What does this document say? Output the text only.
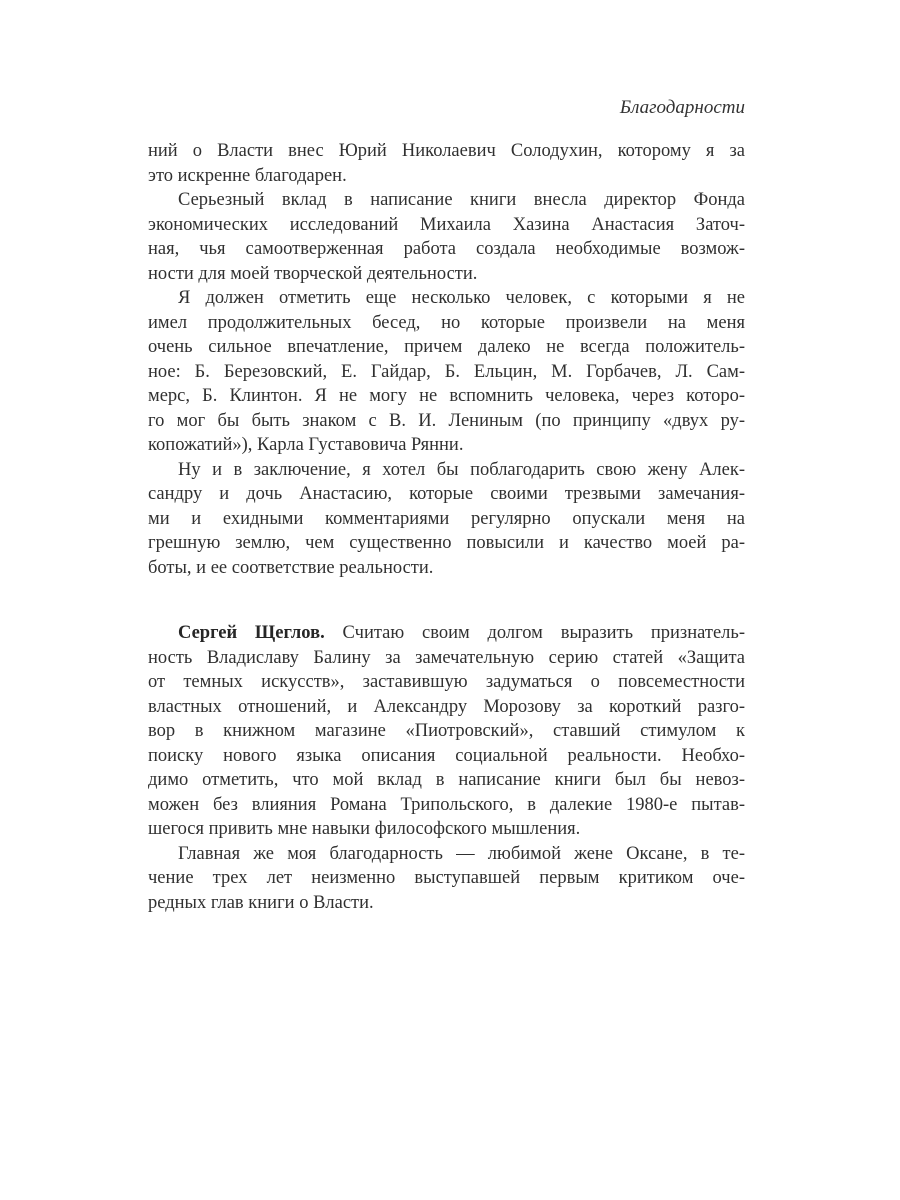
Благодарности
ний о Власти внес Юрий Николаевич Солодухин, которому я за
это искренне благодарен.
Серьезный вклад в написание книги внесла директор Фонда
экономических исследований Михаила Хазина Анастасия Заточ-
ная, чья самоотверженная работа создала необходимые возмож-
ности для моей творческой деятельности.
Я должен отметить еще несколько человек, с которыми я не
имел продолжительных бесед, но которые произвели на меня
очень сильное впечатление, причем далеко не всегда положитель-
ное: Б. Березовский, Е. Гайдар, Б. Ельцин, М. Горбачев, Л. Сам-
мерс, Б. Клинтон. Я не могу не вспомнить человека, через которо-
го мог бы быть знаком с В. И. Лениным (по принципу «двух ру-
копожатий»), Карла Густавовича Рянни.
Ну и в заключение, я хотел бы поблагодарить свою жену Алек-
сандру и дочь Анастасию, которые своими трезвыми замечания-
ми и ехидными комментариями регулярно опускали меня на
грешную землю, чем существенно повысили и качество моей ра-
боты, и ее соответствие реальности.
Сергей Щеглов. Считаю своим долгом выразить признатель-
ность Владиславу Балину за замечательную серию статей «Защита
от темных искусств», заставившую задуматься о повсеместности
властных отношений, и Александру Морозову за короткий разго-
вор в книжном магазине «Пиотровский», ставший стимулом к
поиску нового языка описания социальной реальности. Необхо-
димо отметить, что мой вклад в написание книги был бы невоз-
можен без влияния Романа Трипольского, в далекие 1980-е пытав-
шегося привить мне навыки философского мышления.
Главная же моя благодарность — любимой жене Оксане, в те-
чение трех лет неизменно выступавшей первым критиком оче-
редных глав книги о Власти.
